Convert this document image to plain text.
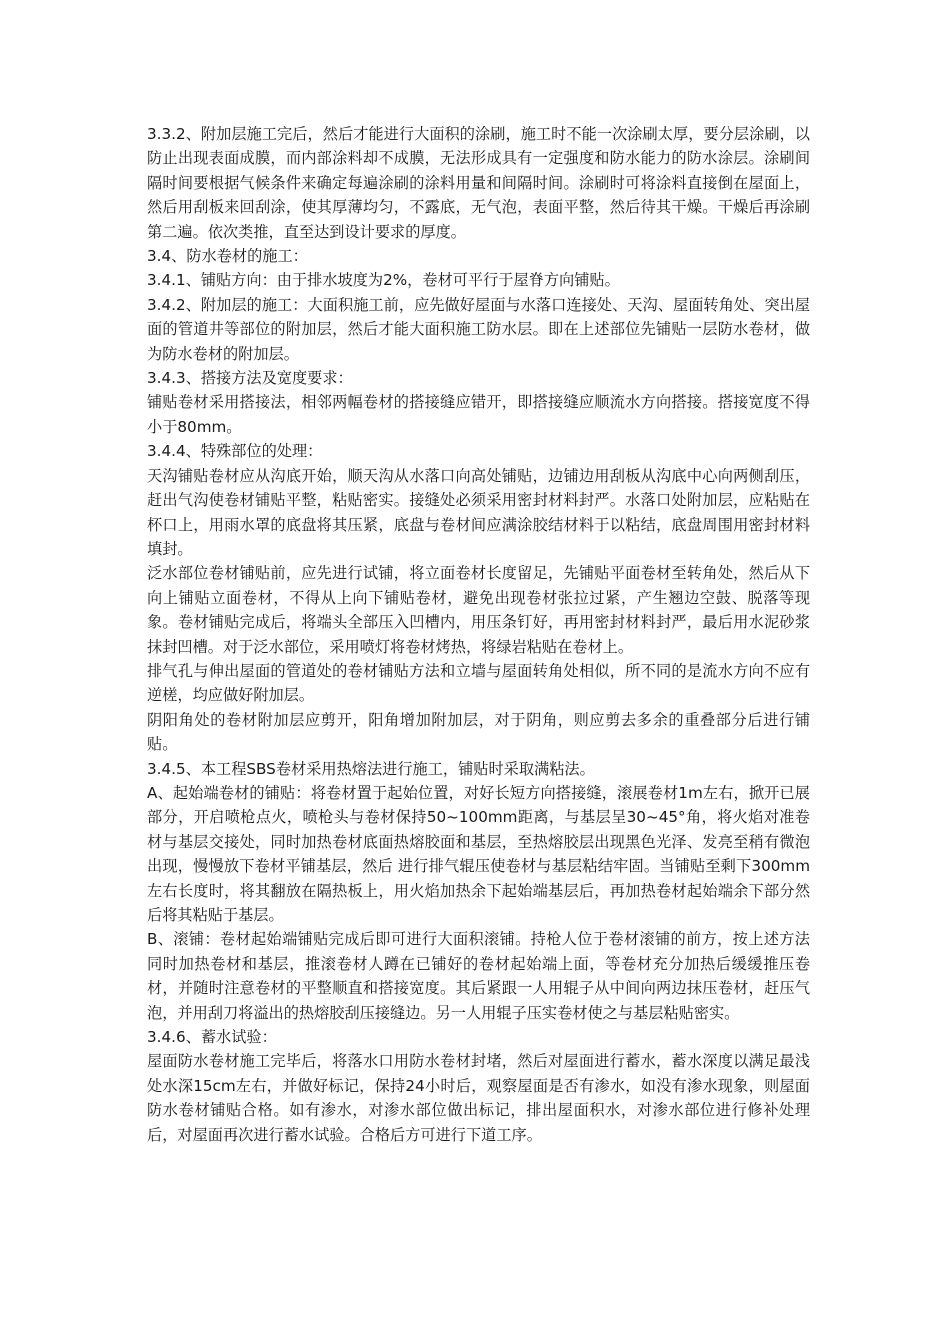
3.3.2、附加层施工完后，然后才能进行大面积的涂刷，施工时不能一次涂刷太厚，要分层涂刷，以防止出现表面成膜，而内部涂料却不成膜，无法形成具有一定强度和防水能力的防水涂层。涂刷间隔时间要根据气候条件来确定每遍涂刷的涂料用量和间隔时间。涂刷时可将涂料直接倒在屋面上，然后用刮板来回刮涂，使其厚薄均匀，不露底，无气泡，表面平整，然后待其干燥。干燥后再涂刷第二遍。依次类推，直至达到设计要求的厚度。

3.4、防水卷材的施工：

3.4.1、铺贴方向：由于排水坡度为2%，卷材可平行于屋脊方向铺贴。

3.4.2、附加层的施工：大面积施工前，应先做好屋面与水落口连接处、天沟、屋面转角处、突出屋面的管道井等部位的附加层，然后才能大面积施工防水层。即在上述部位先铺贴一层防水卷材，做为防水卷材的附加层。

3.4.3、搭接方法及宽度要求：

铺贴卷材采用搭接法，相邻两幅卷材的搭接缝应错开，即搭接缝应顺流水方向搭接。搭接宽度不得小于80mm。

3.4.4、特殊部位的处理：

天沟铺贴卷材应从沟底开始，顺天沟从水落口向高处铺贴，边铺边用刮板从沟底中心向两侧刮压，赶出气沟使卷材铺贴平整，粘贴密实。接缝处必须采用密封材料封严。水落口处附加层，应粘贴在杯口上，用雨水罩的底盘将其压紧，底盘与卷材间应满涂胶结材料于以粘结，底盘周围用密封材料填封。

泛水部位卷材铺贴前，应先进行试铺，将立面卷材长度留足，先铺贴平面卷材至转角处，然后从下向上铺贴立面卷材，不得从上向下铺贴卷材，避免出现卷材张拉过紧，产生翘边空鼓、脱落等现象。卷材铺贴完成后，将端头全部压入凹槽内，用压条钉好，再用密封材料封严，最后用水泥砂浆抹封凹槽。对于泛水部位，采用喷灯将卷材烤热，将绿岩粘贴在卷材上。

排气孔与伸出屋面的管道处的卷材铺贴方法和立墙与屋面转角处相似，所不同的是流水方向不应有逆槎，均应做好附加层。

阴阳角处的卷材附加层应剪开，阳角增加附加层，对于阴角，则应剪去多余的重叠部分后进行铺贴。

3.4.5、本工程SBS卷材采用热熔法进行施工，铺贴时采取满粘法。

A、起始端卷材的铺贴：将卷材置于起始位置，对好长短方向搭接缝，滚展卷材1m左右，掀开已展部分，开启喷枪点火，喷枪头与卷材保持50~100mm距离，与基层呈30~45°角，将火焰对准卷材与基层交接处，同时加热卷材底面热熔胶面和基层，至热熔胶层出现黑色光泽、发亮至稍有微泡出现，慢慢放下卷材平铺基层，然后 进行排气辊压使卷材与基层粘结牢固。当铺贴至剩下300mm左右长度时，将其翻放在隔热板上，用火焰加热余下起始端基层后，再加热卷材起始端余下部分然后将其粘贴于基层。

B、滚铺：卷材起始端铺贴完成后即可进行大面积滚铺。持枪人位于卷材滚铺的前方，按上述方法同时加热卷材和基层，推滚卷材人蹲在已铺好的卷材起始端上面，等卷材充分加热后缓缓推压卷材，并随时注意卷材的平整顺直和搭接宽度。其后紧跟一人用辊子从中间向两边抹压卷材，赶压气泡，并用刮刀将溢出的热熔胶刮压接缝边。另一人用辊子压实卷材使之与基层粘贴密实。

3.4.6、蓄水试验：

屋面防水卷材施工完毕后，将落水口用防水卷材封堵，然后对屋面进行蓄水，蓄水深度以满足最浅处水深15cm左右，并做好标记，保持24小时后，观察屋面是否有渗水，如没有渗水现象，则屋面防水卷材铺贴合格。如有渗水，对渗水部位做出标记，排出屋面积水，对渗水部位进行修补处理后，对屋面再次进行蓄水试验。合格后方可进行下道工序。
